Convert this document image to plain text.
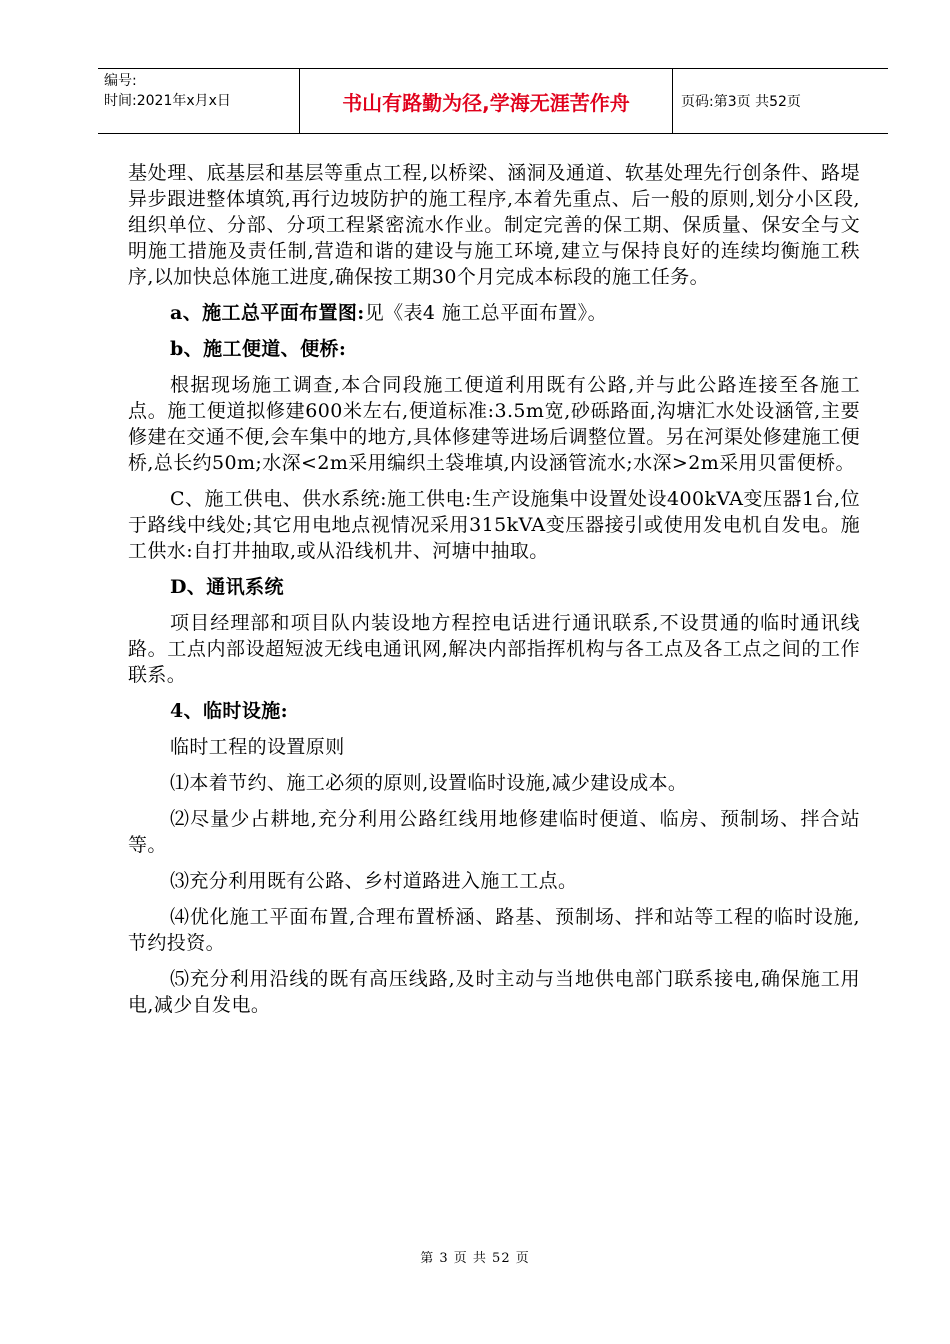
编号:
时间:2021年x月x日	书山有路勤为径,学海无涯苦作舟	页码:第3页 共52页

基处理、底基层和基层等重点工程,以桥梁、涵洞及通道、软基处理先行创条件、路堤异步跟进整体填筑,再行边坡防护的施工程序,本着先重点、后一般的原则,划分小区段,组织单位、分部、分项工程紧密流水作业。制定完善的保工期、保质量、保安全与文明施工措施及责任制,营造和谐的建设与施工环境,建立与保持良好的连续均衡施工秩序,以加快总体施工进度,确保按工期30个月完成本标段的施工任务。

a、施工总平面布置图:见《表4 施工总平面布置》。

b、施工便道、便桥:

根据现场施工调查,本合同段施工便道利用既有公路,并与此公路连接至各施工点。施工便道拟修建600米左右,便道标准:3.5m宽,砂砾路面,沟塘汇水处设涵管,主要修建在交通不便,会车集中的地方,具体修建等进场后调整位置。另在河渠处修建施工便桥,总长约50m;水深<2m采用编织土袋堆填,内设涵管流水;水深>2m采用贝雷便桥。

C、施工供电、供水系统:施工供电:生产设施集中设置处设400kVA变压器1台,位于路线中线处;其它用电地点视情况采用315kVA变压器接引或使用发电机自发电。施工供水:自打井抽取,或从沿线机井、河塘中抽取。

D、通讯系统

项目经理部和项目队内装设地方程控电话进行通讯联系,不设贯通的临时通讯线路。工点内部设超短波无线电通讯网,解决内部指挥机构与各工点及各工点之间的工作联系。

4、临时设施:

临时工程的设置原则

⑴本着节约、施工必须的原则,设置临时设施,减少建设成本。

⑵尽量少占耕地,充分利用公路红线用地修建临时便道、临房、预制场、拌合站等。

⑶充分利用既有公路、乡村道路进入施工工点。

⑷优化施工平面布置,合理布置桥涵、路基、预制场、拌和站等工程的临时设施,节约投资。

⑸充分利用沿线的既有高压线路,及时主动与当地供电部门联系接电,确保施工用电,减少自发电。

第 3 页 共 52 页
